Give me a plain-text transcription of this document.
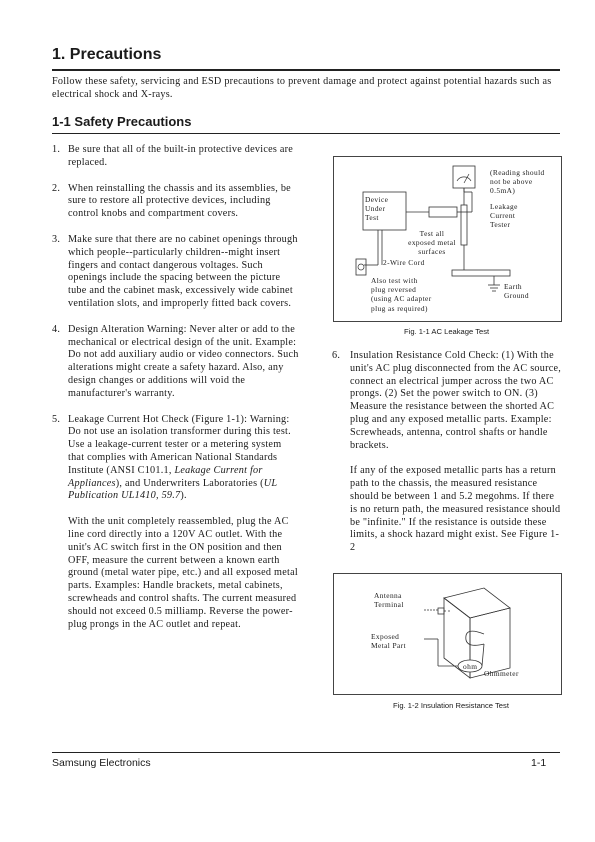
1. Precautions
Follow these safety, servicing and ESD precautions to prevent damage and protect against potential hazards such as electrical shock and X-rays.
1-1 Safety Precautions
1. Be sure that all of the built-in protective devices are replaced.

2. When reinstalling the chassis and its assemblies, be sure to restore all protective devices, including control knobs and compartment covers.

3. Make sure that there are no cabinet openings through which people--particularly children--might insert fingers and contact dangerous voltages. Such openings include the spacing between the picture tube and the cabinet mask, excessively wide cabinet ventilation slots, and improperly fitted back covers.

4. Design Alteration Warning: Never alter or add to the mechanical or electrical design of the unit. Example: Do not add auxiliary audio or video connectors. Such alterations might create a safety hazard. Also, any design changes or additions will void the manufacturer's warranty.

5. Leakage Current Hot Check (Figure 1-1): Warning: Do not use an isolation transformer during this test. Use a leakage-current tester or a metering system that complies with American National Standards Institute (ANSI C101.1, Leakage Current for Appliances), and Underwriters Laboratories (UL Publication UL1410, 59.7).

With the unit completely reassembled, plug the AC line cord directly into a 120V AC outlet. With the unit's AC switch first in the ON position and then OFF, measure the current between a known earth ground (metal water pipe, etc.) and all exposed metal parts. Examples: Handle brackets, metal cabinets, screwheads and control shafts. The current measured should not exceed 0.5 milliamp. Reverse the power-plug prongs in the AC outlet and repeat.

Device
Under
Test
(Reading should
not be above
0.5mA)
Leakage
Current
Tester
Test all
exposed metal
surfaces
2-Wire Cord
Also test with
plug reversed
(using AC adapter
plug as required)
Earth
Ground
Fig. 1-1 AC Leakage Test
6. Insulation Resistance Cold Check: (1) With the unit's AC plug disconnected from the AC source, connect an electrical jumper across the two AC prongs. (2) Set the power switch to ON. (3) Measure the resistance between the shorted AC plug and any exposed metallic parts. Example: Screwheads, antenna, control shafts or handle brackets.

If any of the exposed metallic parts has a return path to the chassis, the measured resistance should be between 1 and 5.2 megohms. If there is no return path, the measured resistance should be "infinite." If the resistance is outside these limits, a shock hazard might exist. See Figure 1-2

Antenna
Terminal
Exposed
Metal Part
ohm
Ohmmeter
Fig. 1-2 Insulation Resistance Test
Samsung Electronics	1-1
